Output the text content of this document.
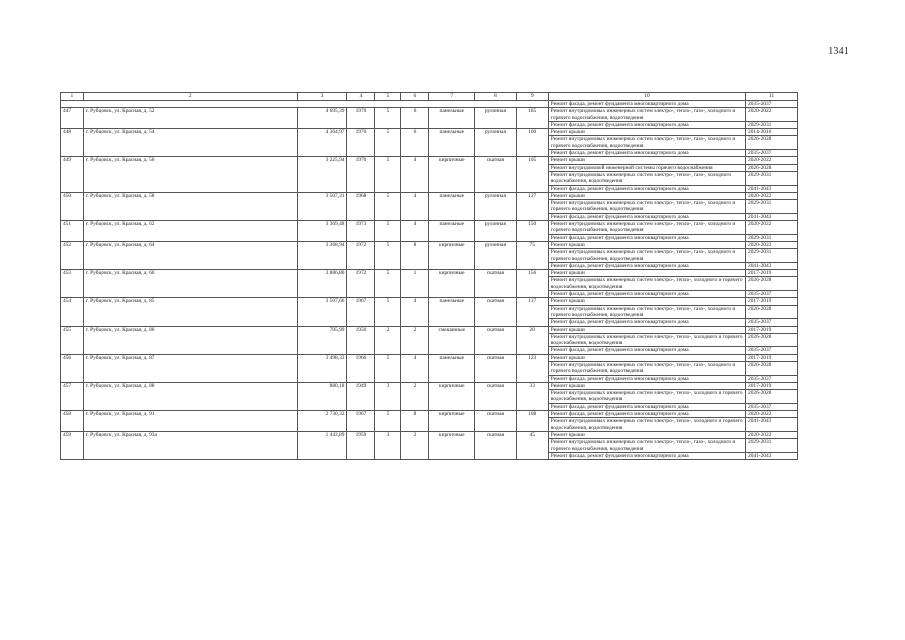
1341
1	2	3	4	5	6	7	8	9	10	11
									Ремонт фасада, ремонт фундамента многоквартирного дома	2035-2037
447	г. Рубцовск, ул. Красная, д. 52	4 695,39	1970	5	6	панельные	рулонная	185	Ремонт внутридомовых инженерных систем электро-, тепло-, газо-, холодного и горячего водоснабжения, водоотведения	2020-2022
									Ремонт фасада, ремонт фундамента многоквартирного дома	2029-2031
448	г. Рубцовск, ул. Красная, д. 54	4 364,97	1970	5	6	панельные	рулонная	160	Ремонт крыши	2014-2016
									Ремонт внутридомовых инженерных систем электро-, тепло-, газо-, холодного и горячего водоснабжения, водоотведения	2026-2028
									Ремонт фасада, ремонт фундамента многоквартирного дома	2035-2037
449	г. Рубцовск, ул. Красная, д. 56	3 225,94	1970	5	4	кирпичные	скатная	105	Ремонт крыши	2020-2022
									Ремонт внутридомовой инженерной системы горячего водоснабжения	2026-2028
									Ремонт внутридомовых инженерных систем электро-, тепло-, газо-, холодного водоснабжения, водоотведения	2029-2031
									Ремонт фасада, ремонт фундамента многоквартирного дома	2041-2043
450	г. Рубцовск, ул. Красная, д. 58	3 507,31	1968	5	4	панельные	рулонная	127	Ремонт крыши	2020-2022
									Ремонт внутридомовых инженерных систем электро-, тепло-, газо-, холодного и горячего водоснабжения, водоотведения	2029-2031
									Ремонт фасада, ремонт фундамента многоквартирного дома	2041-2043
451	г. Рубцовск, ул. Красная, д. 62	3 369,48	1973	5	4	панельные	рулонная	150	Ремонт внутридомовых инженерных систем электро-, тепло-, газо-, холодного и горячего водоснабжения, водоотведения	2020-2022
									Ремонт фасада, ремонт фундамента многоквартирного дома	2029-2031
452	г. Рубцовск, ул. Красная, д. 64	3 368,94	1972	5	8	кирпичные	рулонная	75	Ремонт крыши	2020-2022
									Ремонт внутридомовых инженерных систем электро-, тепло-, газо-, холодного и горячего водоснабжения, водоотведения	2029-2031
									Ремонт фасада, ремонт фундамента многоквартирного дома	2041-2043
453	г. Рубцовск, ул. Красная, д. 66	3 886,80	1972	5	1	кирпичные	скатная	156	Ремонт крыши	2017-2019
									Ремонт внутридомовых инженерных систем электро-, тепло-, холодного и горячего водоснабжения, водоотведения	2026-2028
									Ремонт фасада, ремонт фундамента многоквартирного дома	2035-2037
454	г. Рубцовск, ул. Красная, д. 85	3 507,66	1967	5	4	панельные	скатная	117	Ремонт крыши	2017-2019
									Ремонт внутридомовых инженерных систем электро-, тепло-, газо-, холодного и горячего водоснабжения, водоотведения	2026-2028
									Ремонт фасада, ремонт фундамента многоквартирного дома	2035-2037
455	г. Рубцовск, ул. Красная, д. 86	705,99	1950	2	2	смешанные	скатная	20	Ремонт крыши	2017-2019
									Ремонт внутридомовых инженерных систем электро-, тепло-, холодного и горячего водоснабжения, водоотведения	2026-2028
									Ремонт фасада, ремонт фундамента многоквартирного дома	2035-2037
456	г. Рубцовск, ул. Красная, д. 87	3 498,33	1966	5	4	панельные	скатная	123	Ремонт крыши	2017-2019
									Ремонт внутридомовых инженерных систем электро-, тепло-, газо-, холодного и горячего водоснабжения, водоотведения	2026-2028
									Ремонт фасада, ремонт фундамента многоквартирного дома	2035-2037
457	г. Рубцовск, ул. Красная, д. 88	880,18	1949	3	2	кирпичные	скатная	33	Ремонт крыши	2017-2019
									Ремонт внутридомовых инженерных систем электро-, тепло-, холодного и горячего водоснабжения, водоотведения	2026-2028
									Ремонт фасада, ремонт фундамента многоквартирного дома	2035-2037
458	г. Рубцовск, ул. Красная, д. 91	2 730,32	1967	5	8	кирпичные	скатная	108	Ремонт фасада, ремонт фундамента многоквартирного дома	2020-2022
									Ремонт внутридомовых инженерных систем электро-, тепло-, холодного и горячего водоснабжения, водоотведения	2041-2043
459	г. Рубцовск, ул. Красная, д. 93а	1 443,89	1959	3	2	кирпичные	скатная	45	Ремонт крыши	2020-2022
									Ремонт внутридомовых инженерных систем электро-, тепло-, газо-, холодного и горячего водоснабжения, водоотведения	2029-2031
									Ремонт фасада, ремонт фундамента многоквартирного дома	2041-2043
